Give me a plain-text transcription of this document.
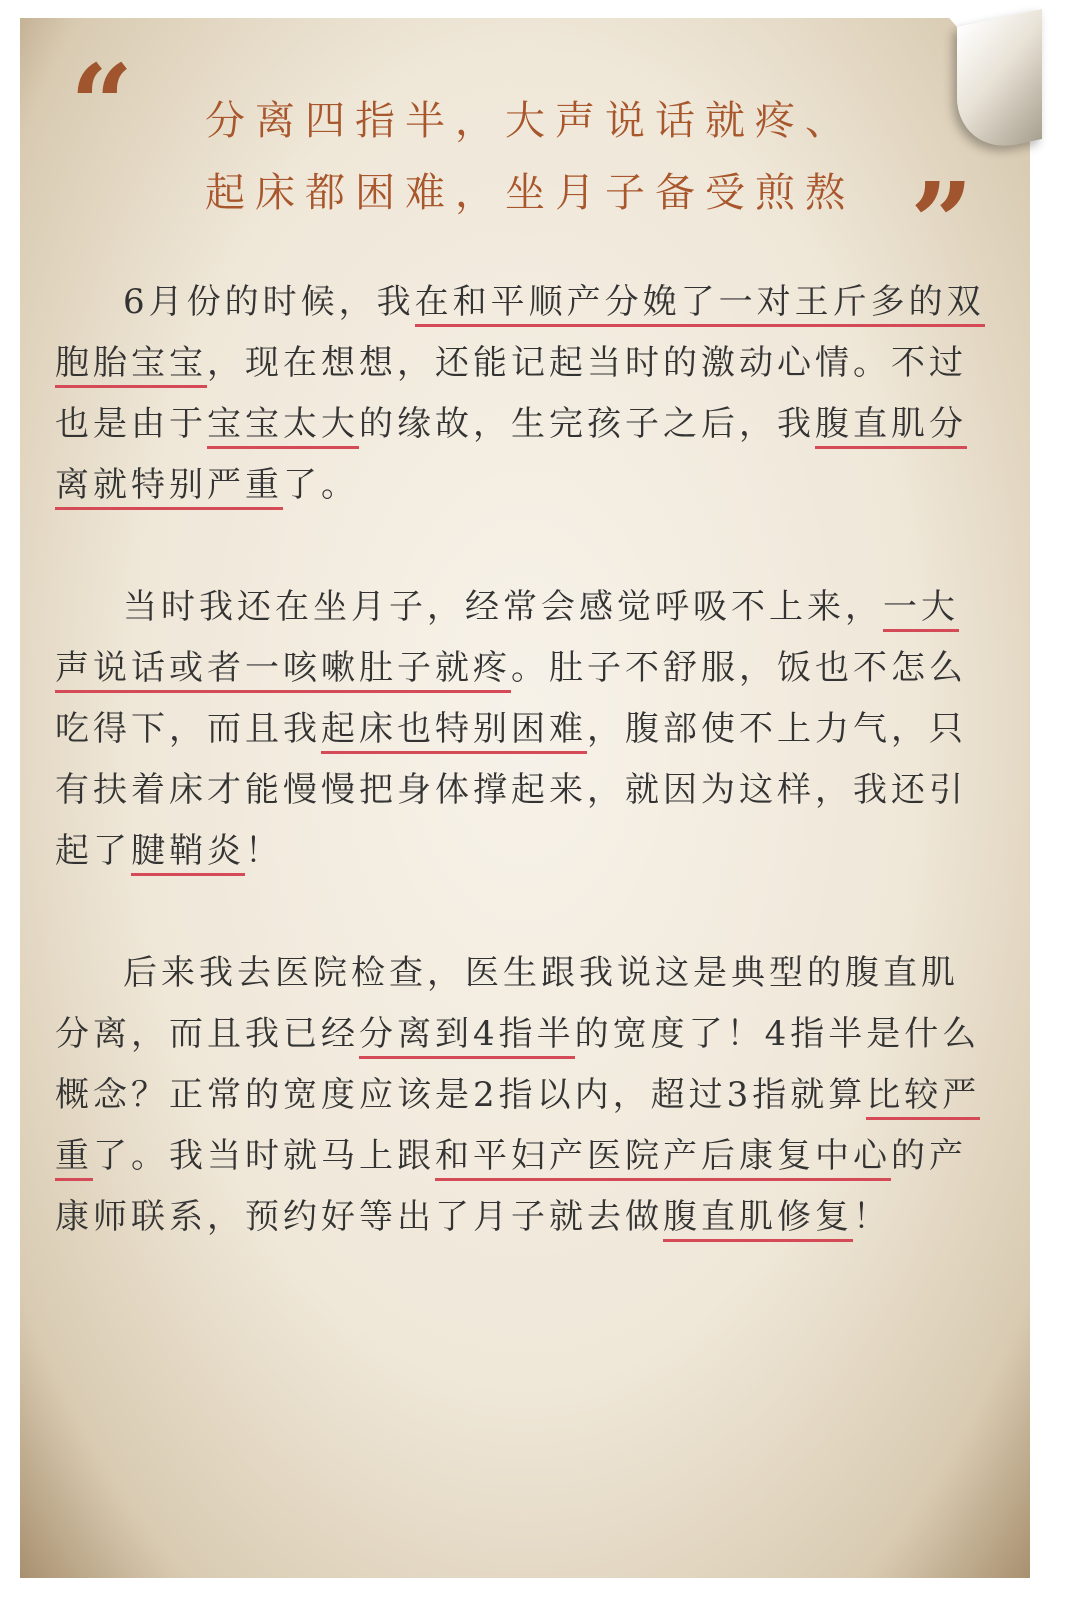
“	分离四指半，大声说话就疼、
起床都困难，坐月子备受煎熬 ”

6月份的时候，我在和平顺产分娩了一对王斤多的双胞胎宝宝，现在想想，还能记起当时的激动心情。不过也是由于宝宝太大的缘故，生完孩子之后，我腹直肌分离就特别严重了。

当时我还在坐月子，经常会感觉呼吸不上来，一大声说话或者一咳嗽肚子就疼。肚子不舒服，饭也不怎么吃得下，而且我起床也特别困难，腹部使不上力气，只有扶着床才能慢慢把身体撑起来，就因为这样，我还引起了腱鞘炎！

后来我去医院检查，医生跟我说这是典型的腹直肌分离，而且我已经分离到4指半的宽度了！4指半是什么概念？正常的宽度应该是2指以内，超过3指就算比较严重了。我当时就马上跟和平妇产医院产后康复中心的产康师联系，预约好等出了月子就去做腹直肌修复！
